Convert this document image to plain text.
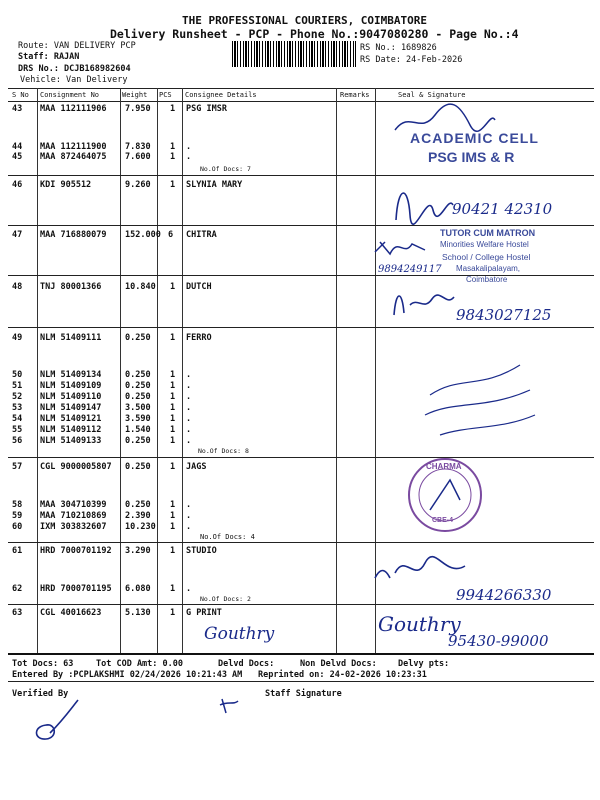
THE PROFESSIONAL COURIERS, COIMBATORE
Delivery Runsheet - PCP - Phone No.:9047080280 - Page No.:4
Route: VAN DELIVERY PCP
Staff: RAJAN
DRS No.: DCJB168982604
Vehicle: Van Delivery
RS No.: 1689826
RS Date: 24-Feb-2026
S No Consignment No	Weight PCS Consignee Details	Remarks	Seal & Signature
43 MAA 112111906 7.950 1 PSG IMSR
44 MAA 112111900 7.830 1 .
45 MAA 872464075 7.600 1 .
No.Of Docs: 7
46 KDI 905512	9.260 1 SLYNIA MARY
47 MAA 716880079 152.000 6 CHITRA
48 TNJ 80001366	10.840 1 DUTCH
49 NLM 51409111	0.250 1 FERRO
50 NLM 51409134	0.250 1 .
51 NLM 51409109	0.250 1 .
52 NLM 51409110	0.250 1 .
53 NLM 51409147	3.500 1 .
54 NLM 51409121	3.590 1 .
55 NLM 51409112	1.540 1 .
56 NLM 51409133	0.250 1 .
No.Of Docs: 8
57 CGL 9000005807 0.250 1 JAGS
58 MAA 304710399 0.250 1 .
59 MAA 710210869 2.390 1 .
60 IXM 303832607 10.230 1 .
No.Of Docs: 4
61 HRD 7000701192 3.290 1 STUDIO
62 HRD 7000701195 6.080 1 .
No.Of Docs: 2
63 CGL 40016623	5.130 1 G PRINT
ACADEMIC CELL
PSG IMS & R
90421 42310
9894249117
TUTOR CUM MATRON
Minorities Welfare Hostel
School / College Hostel
Masakalipalayam,
Coimbatore
9843027125
CHARMA
CBE-4
9944266330
Gouthry	Gouthry
95430-99000
Tot Docs: 63	Tot COD Amt: 0.00	Delvd Docs:	Non Delvd Docs: Delvy pts:
Entered By :PCPLAKSHMI 02/24/2026 10:21:43 AM Reprinted on: 24-02-2026 10:23:31
Verified By	Staff Signature
